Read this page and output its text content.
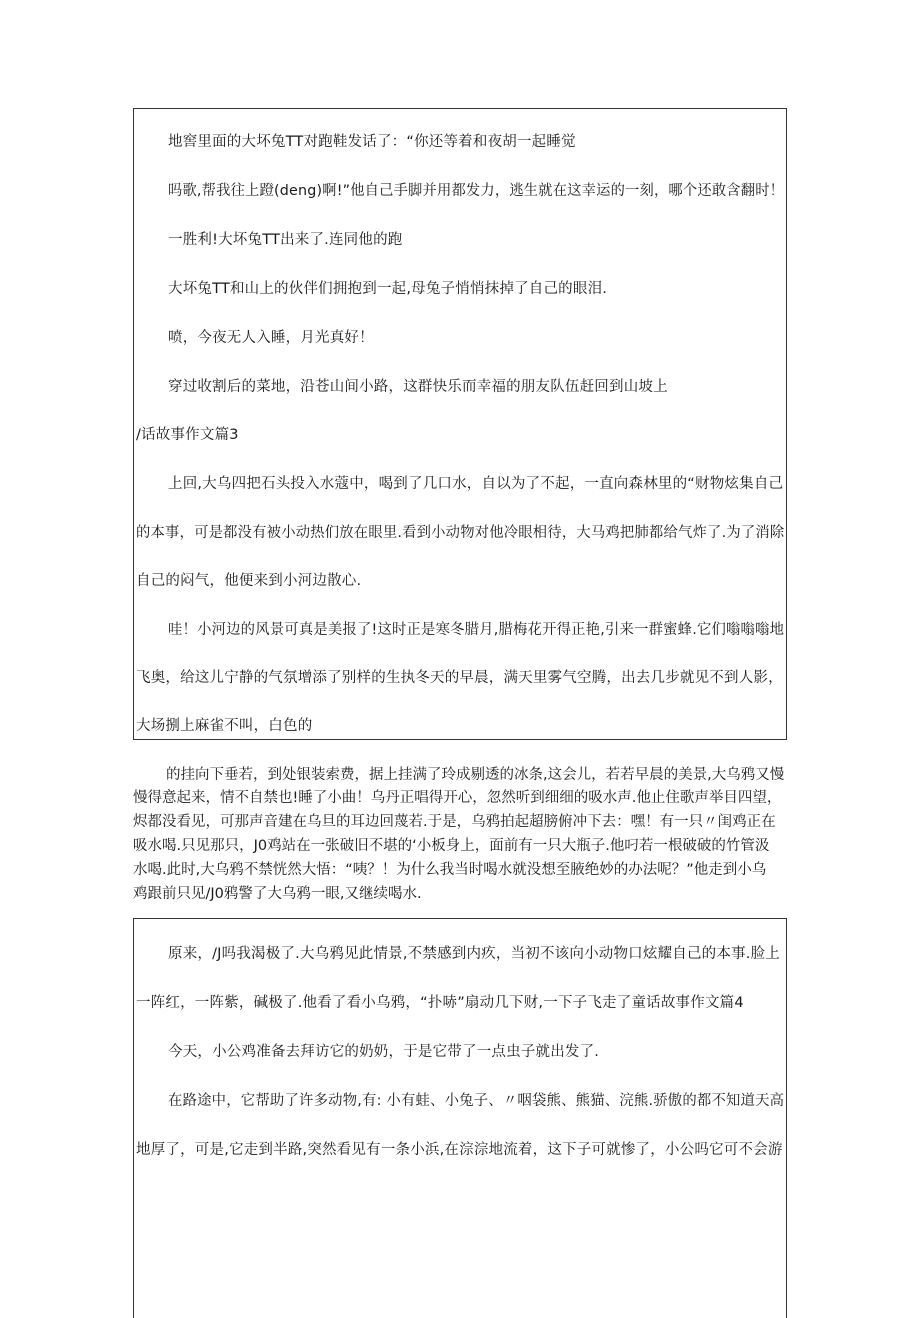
地窖里面的大坏兔TT对跑鞋发话了：“你还等着和夜胡一起睡觉
吗歌,帮我往上蹬(deng)啊!”他自己手脚并用都发力，逃生就在这幸运的一刻，哪个还敢含翻时！
一胜利!大坏兔TT出来了.连同他的跑
大坏兔TT和山上的伙伴们拥抱到一起,母兔子悄悄抹掉了自己的眼泪.
喷，今夜无人入睡，月光真好！
穿过收割后的菜地，沿苍山间小路，这群快乐而幸福的朋友队伍赶回到山坡上
/话故事作文篇3
上回,大乌四把石头投入水蔻中，喝到了几口水，自以为了不起，一直向森林里的“财物炫集自己
的本事，可是都没有被小动热们放在眼里.看到小动物对他冷眼相待，大马鸡把肺都给气炸了.为了消除
自己的闷气，他便来到小河边散心.
哇！小河边的风景可真是美报了!这时正是寒冬腊月,腊梅花开得正艳,引来一群蜜蜂.它们嗡嗡嗡地
飞奥，给这儿宁静的气氛增添了别样的生执冬天的早晨，满天里雾气空腾，出去几步就见不到人影，
大场捌上麻雀不叫，白色的
的挂向下垂若，到处银装索费，据上挂满了玲成剔透的冰条,这会儿，若若早晨的美景,大乌鸦又慢
慢得意起来，情不自禁也!睡了小曲！乌丹正唱得开心，忽然听到细细的吸水声.他止住歌声举目四望，
烬都没看见，可那声音建在乌旦的耳边回蔑若.于是，乌鸦拍起超膀俯冲下去：嘿！有一只〃闺鸡正在
吸水喝.只见那只，J0鸡站在一张破旧不堪的‘小板身上，面前有一只大瓶子.他叼若一根破破的竹管汲
水喝.此时,大乌鸦不禁恍然大悟：“咦？！为什么我当时喝水就没想至腋绝妙的办法呢？”他走到小乌
鸡跟前只见/J0鸦警了大乌鸦一眼,又继续喝水.
原来，/J吗我渴极了.大乌鸦见此情景,不禁感到内疚，当初不该向小动物口炫耀自己的本事.脸上
一阵红，一阵紫，碱极了.他看了看小乌鸦，“扑哧”扇动几下财,一下子飞走了童话故事作文篇4
今天，小公鸡准备去拜访它的奶奶，于是它带了一点虫子就出发了.
在路途中，它帮助了许多动物,有: 小有蛙、小兔子、〃咽袋熊、熊猫、浣熊.骄傲的都不知道天高
地厚了，可是,它走到半路,突然看见有一条小浜,在淙淙地流着，这下子可就惨了，小公吗它可不会游
